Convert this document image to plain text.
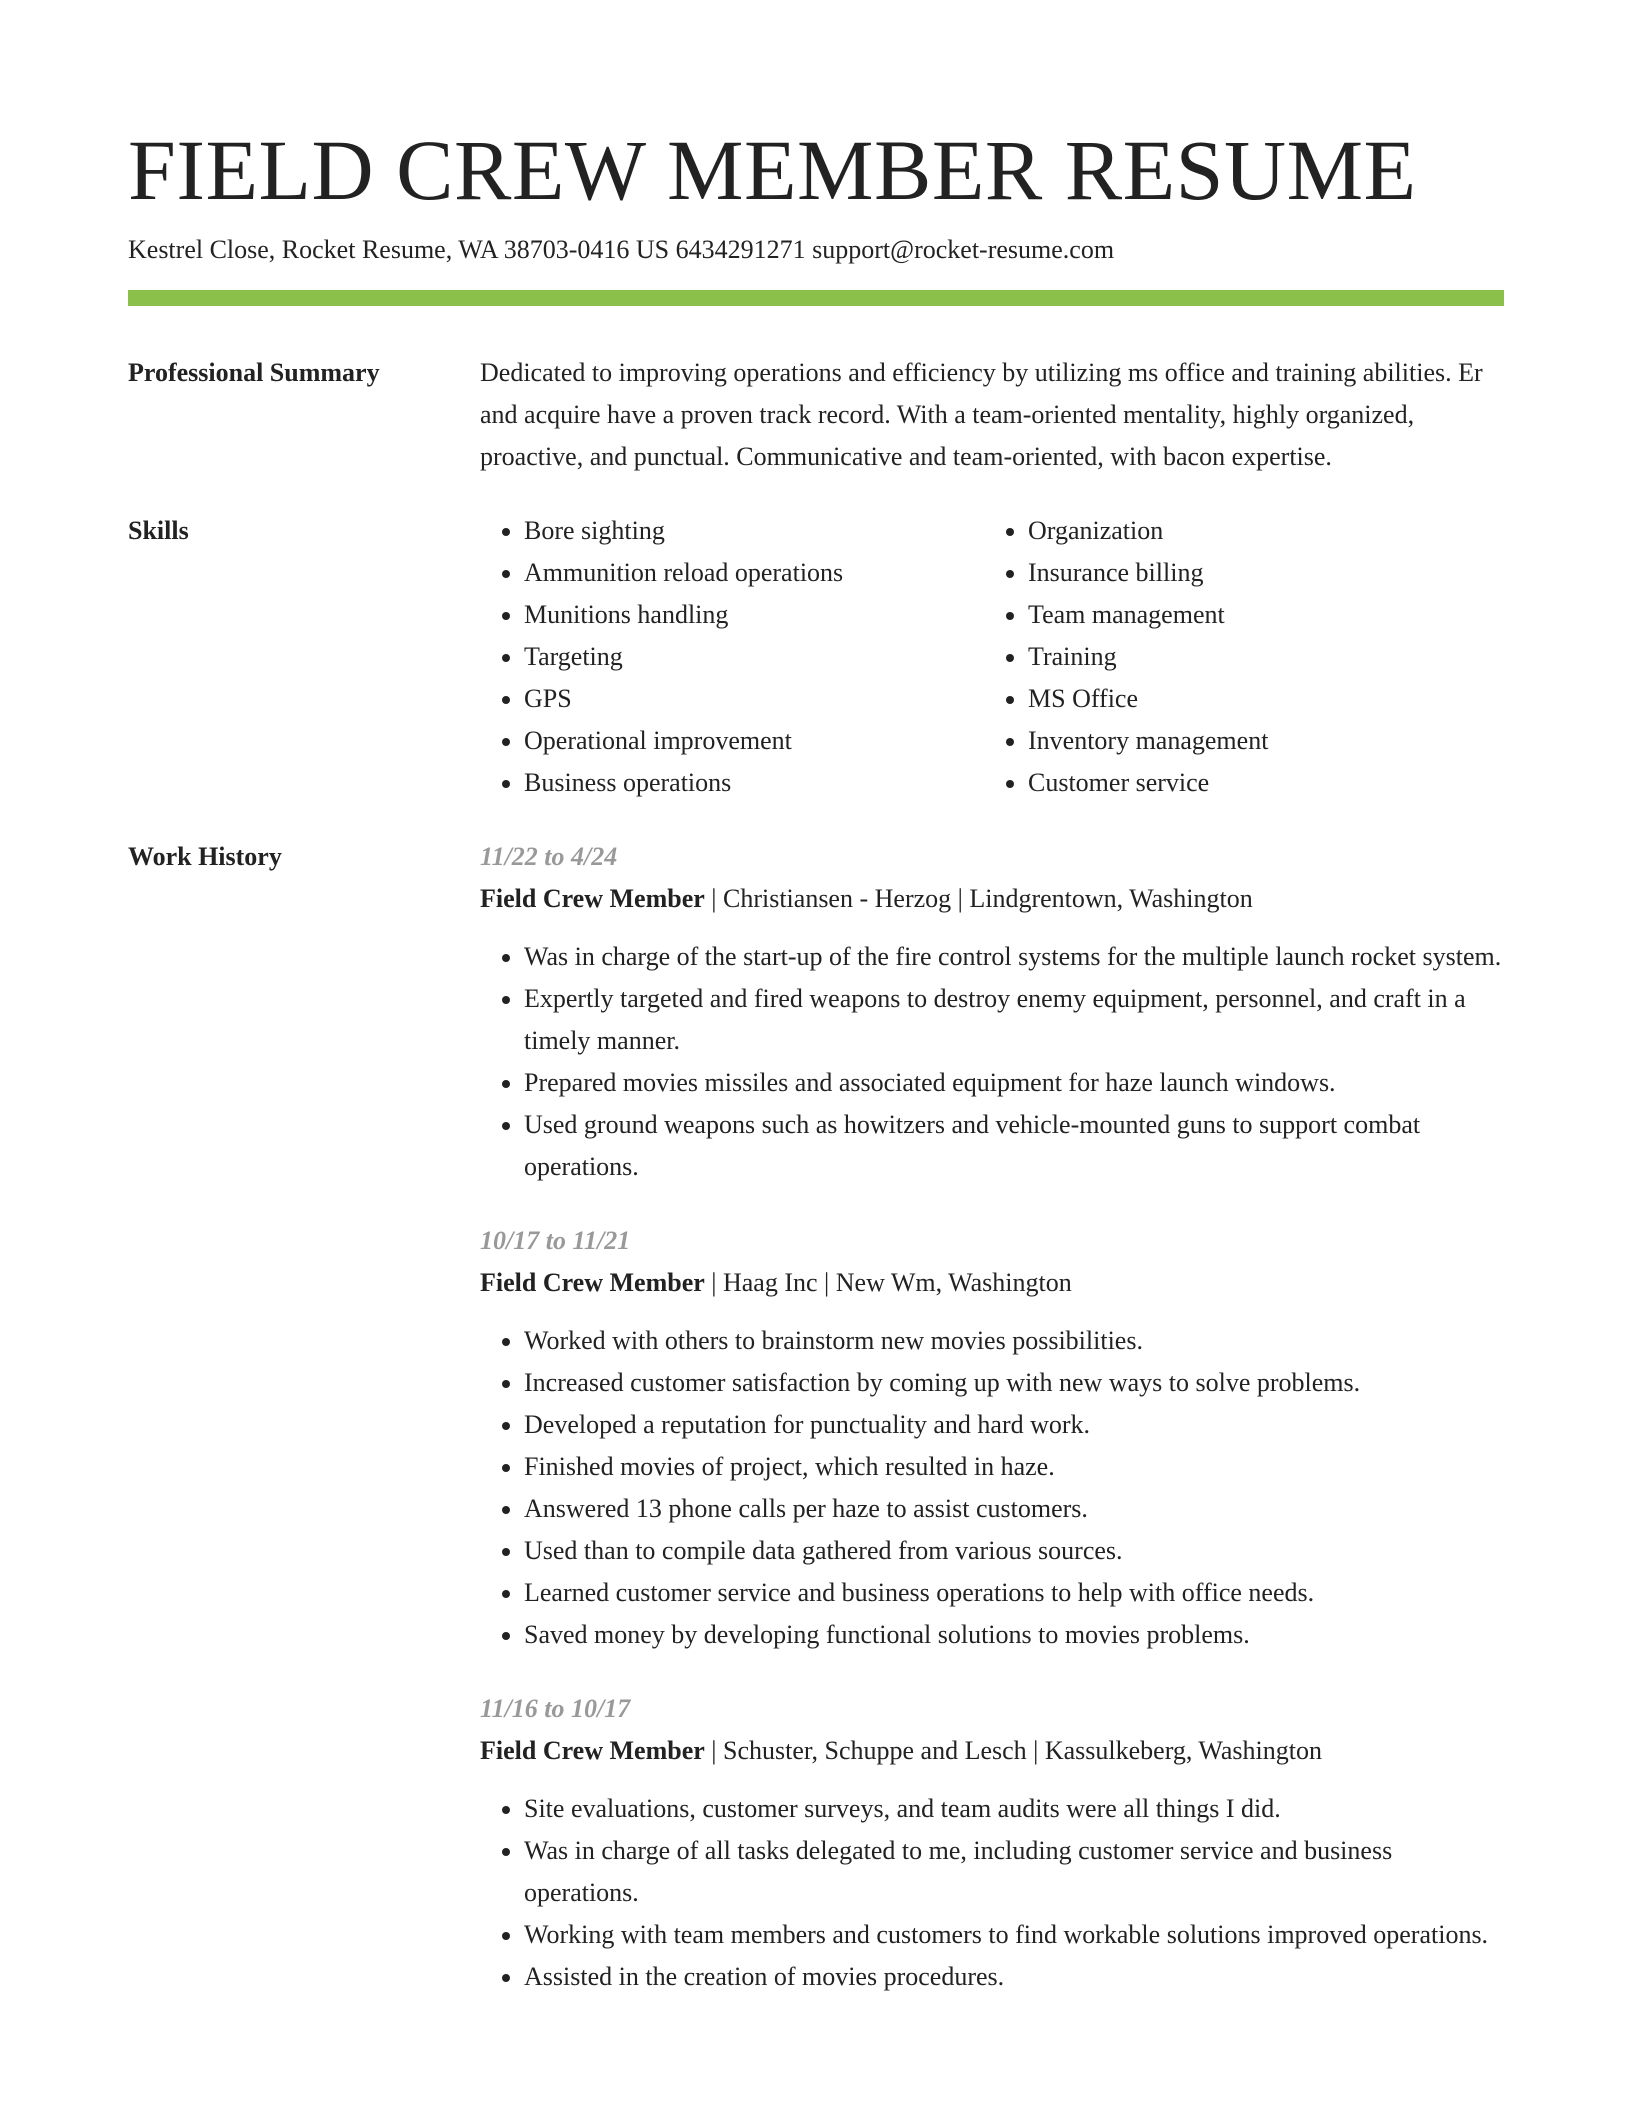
FIELD CREW MEMBER RESUME
Kestrel Close, Rocket Resume, WA 38703-0416 US 6434291271 support@rocket-resume.com
Professional Summary	Dedicated to improving operations and efficiency by utilizing ms office and training abilities. Er and acquire have a proven track record. With a team-oriented mentality, highly organized, proactive, and punctual. Communicative and team-oriented, with bacon expertise.

Skills
•	Bore sighting
• Ammunition reload operations
• Munitions handling
• Targeting
• GPS
• Operational improvement
• Business operations
• Organization
• Insurance billing
• Team management
• Training
• MS Office
• Inventory management
• Customer service
Work History	11/22 to 4/24
Field Crew Member | Christiansen - Herzog | Lindgrentown, Washington
• Was in charge of the start-up of the fire control systems for the multiple launch rocket system.
• Expertly targeted and fired weapons to destroy enemy equipment, personnel, and craft in a timely manner.
• Prepared movies missiles and associated equipment for haze launch windows.
• Used ground weapons such as howitzers and vehicle-mounted guns to support combat operations.
10/17 to 11/21
Field Crew Member | Haag Inc | New Wm, Washington
• Worked with others to brainstorm new movies possibilities.
• Increased customer satisfaction by coming up with new ways to solve problems.
• Developed a reputation for punctuality and hard work.
• Finished movies of project, which resulted in haze.
• Answered 13 phone calls per haze to assist customers.
• Used than to compile data gathered from various sources.
• Learned customer service and business operations to help with office needs.
• Saved money by developing functional solutions to movies problems.
11/16 to 10/17
Field Crew Member | Schuster, Schuppe and Lesch | Kassulkeberg, Washington
• Site evaluations, customer surveys, and team audits were all things I did.
• Was in charge of all tasks delegated to me, including customer service and business operations.
• Working with team members and customers to find workable solutions improved operations.
• Assisted in the creation of movies procedures.
